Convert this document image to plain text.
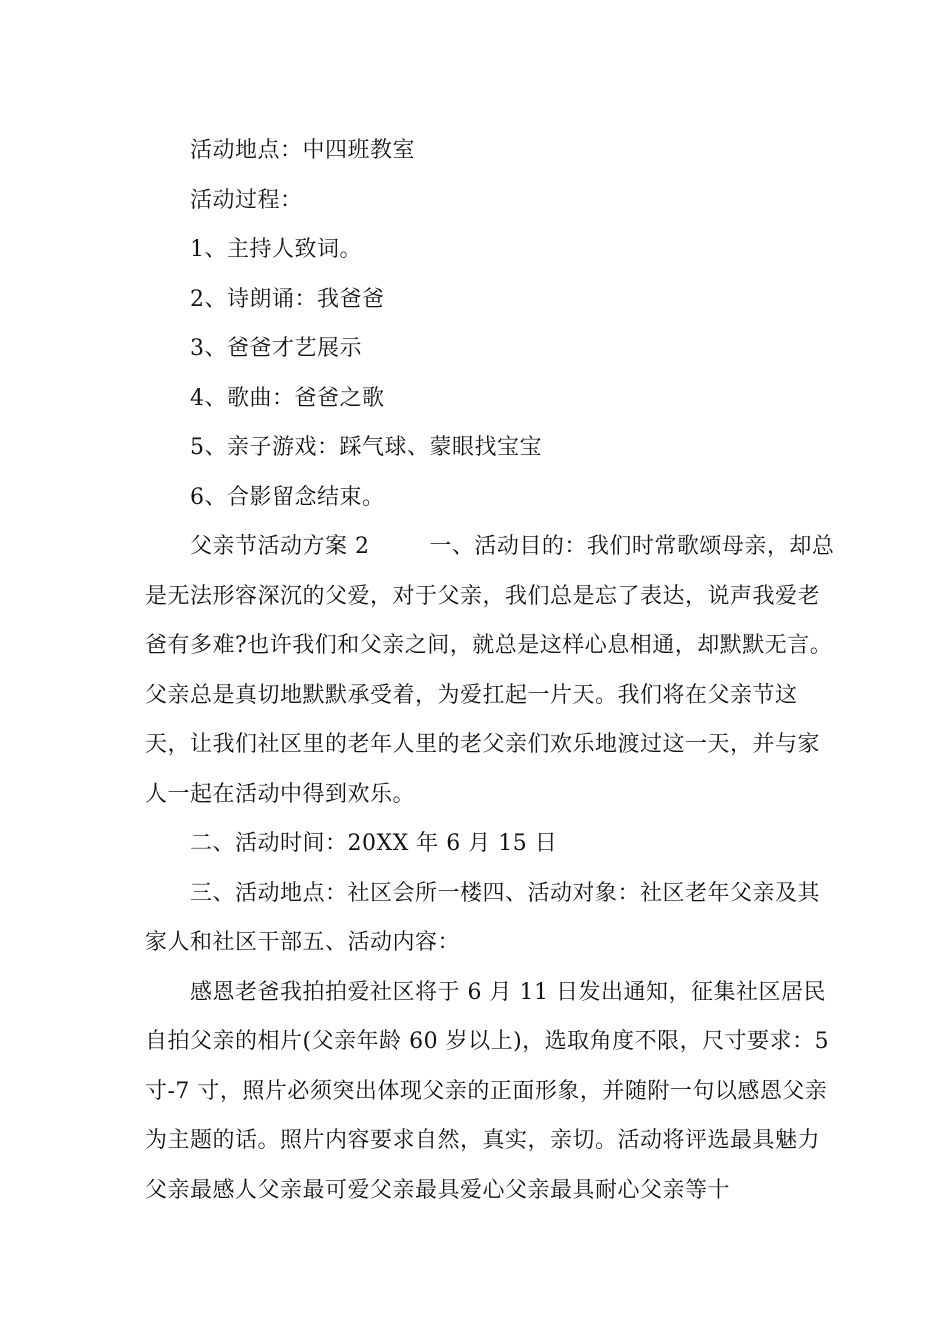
活动地点：中四班教室

活动过程：

1、主持人致词。

2、诗朗诵：我爸爸

3、爸爸才艺展示

4、歌曲：爸爸之歌

5、亲子游戏：踩气球、蒙眼找宝宝

6、合影留念结束。

父亲节活动方案 2        一、活动目的：我们时常歌颂母亲，却总是无法形容深沉的父爱，对于父亲，我们总是忘了表达，说声我爱老爸有多难?也许我们和父亲之间，就总是这样心息相通，却默默无言。父亲总是真切地默默承受着，为爱扛起一片天。我们将在父亲节这天，让我们社区里的老年人里的老父亲们欢乐地渡过这一天，并与家人一起在活动中得到欢乐。

二、活动时间：20XX 年 6 月 15 日

三、活动地点：社区会所一楼四、活动对象：社区老年父亲及其家人和社区干部五、活动内容：

感恩老爸我拍拍爱社区将于 6 月 11 日发出通知，征集社区居民自拍父亲的相片(父亲年龄 60 岁以上)，选取角度不限，尺寸要求：5 寸-7 寸，照片必须突出体现父亲的正面形象，并随附一句以感恩父亲为主题的话。照片内容要求自然，真实，亲切。活动将评选最具魅力父亲最感人父亲最可爱父亲最具爱心父亲最具耐心父亲等十
